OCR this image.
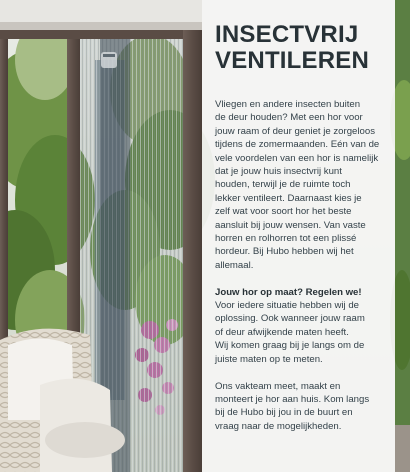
INSECTVRIJ
VENTILEREN

Vliegen en andere insecten buiten
de deur houden? Met een hor voor
jouw raam of deur geniet je zorgeloos
tijdens de zomermaanden. Eén van de
vele voordelen van een hor is namelijk
dat je jouw huis insectvrij kunt
houden, terwijl je de ruimte toch
lekker ventileert. Daarnaast kies je
zelf wat voor soort hor het beste
aansluit bij jouw wensen. Van vaste
horren en rolhorren tot een plissé
hordeur. Bij Hubo hebben wij het
allemaal.

Jouw hor op maat? Regelen we!
Voor iedere situatie hebben wij de
oplossing. Ook wanneer jouw raam
of deur afwijkende maten heeft.
Wij komen graag bij je langs om de
juiste maten op te meten.

Ons vakteam meet, maakt en
monteert je hor aan huis. Kom langs
bij de Hubo bij jou in de buurt en
vraag naar de mogelijkheden.
